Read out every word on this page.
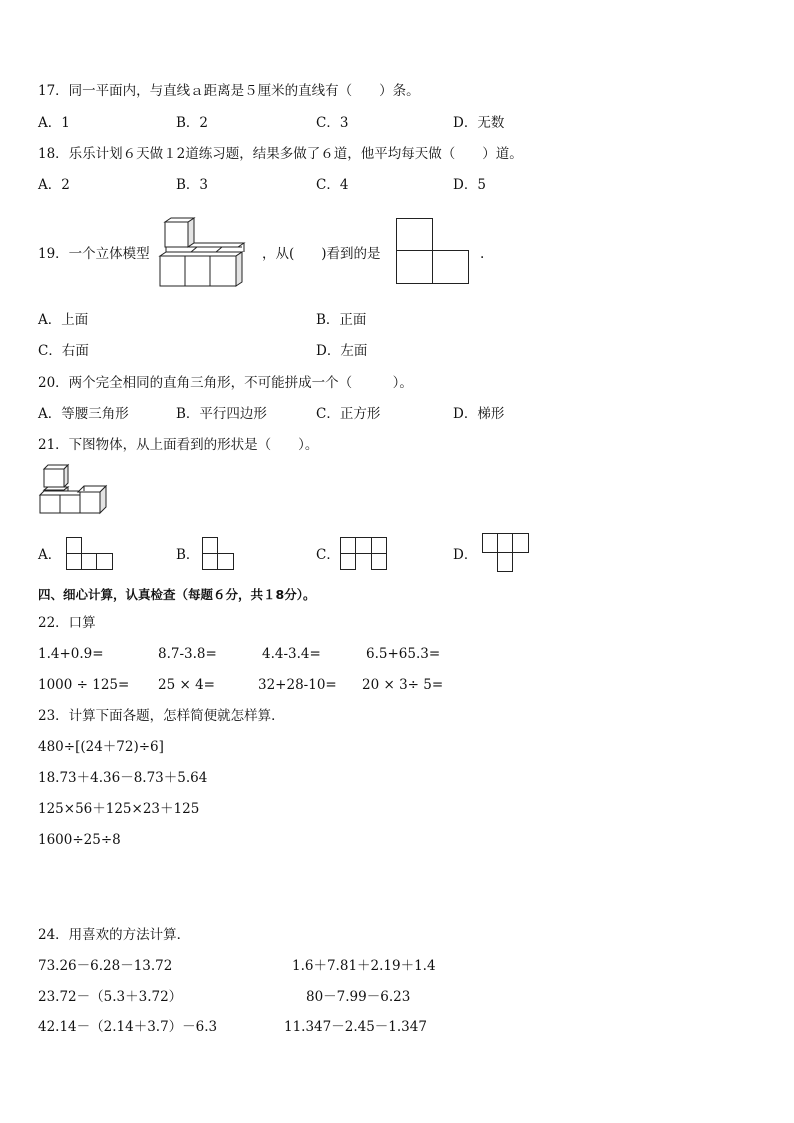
17．同一平面内，与直线ａ距离是５厘米的直线有（　　）条。
A．1	B．2	C．3	D．无数
18．乐乐计划６天做１2道练习题，结果多做了６道，他平均每天做（　　）道。
A．2	B．3	C．4	D．5
19．一个立体模型	，从(　　)看到的是	.
A．上面	B．正面
C．右面	D．左面
20．两个完全相同的直角三角形，不可能拼成一个（　　　）。
A．等腰三角形	B．平行四边形	C．正方形	D．梯形
21．下图物体，从上面看到的形状是（　　）。
A．	B．	C．	D．
四、细心计算，认真检查（每题６分，共１8分）。
22．口算
1.4+0.9=	8.7-3.8=	4.4-3.4=	6.5+65.3=
1000 ÷ 125= 25 × 4=	32+28-10= 20 × 3÷ 5=
23．计算下面各题，怎样简便就怎样算．
480÷[(24＋72)÷6]
18.73＋4.36－8.73＋5.64
125×56＋125×23＋125
1600÷25÷8
24．用喜欢的方法计算．
73.26－6.28－13.72	1.6＋7.81＋2.19＋1.4
23.72－（5.3＋3.72）	80－7.99－6.23
42.14－（2.14＋3.7）－6.3	11.347－2.45－1.347
